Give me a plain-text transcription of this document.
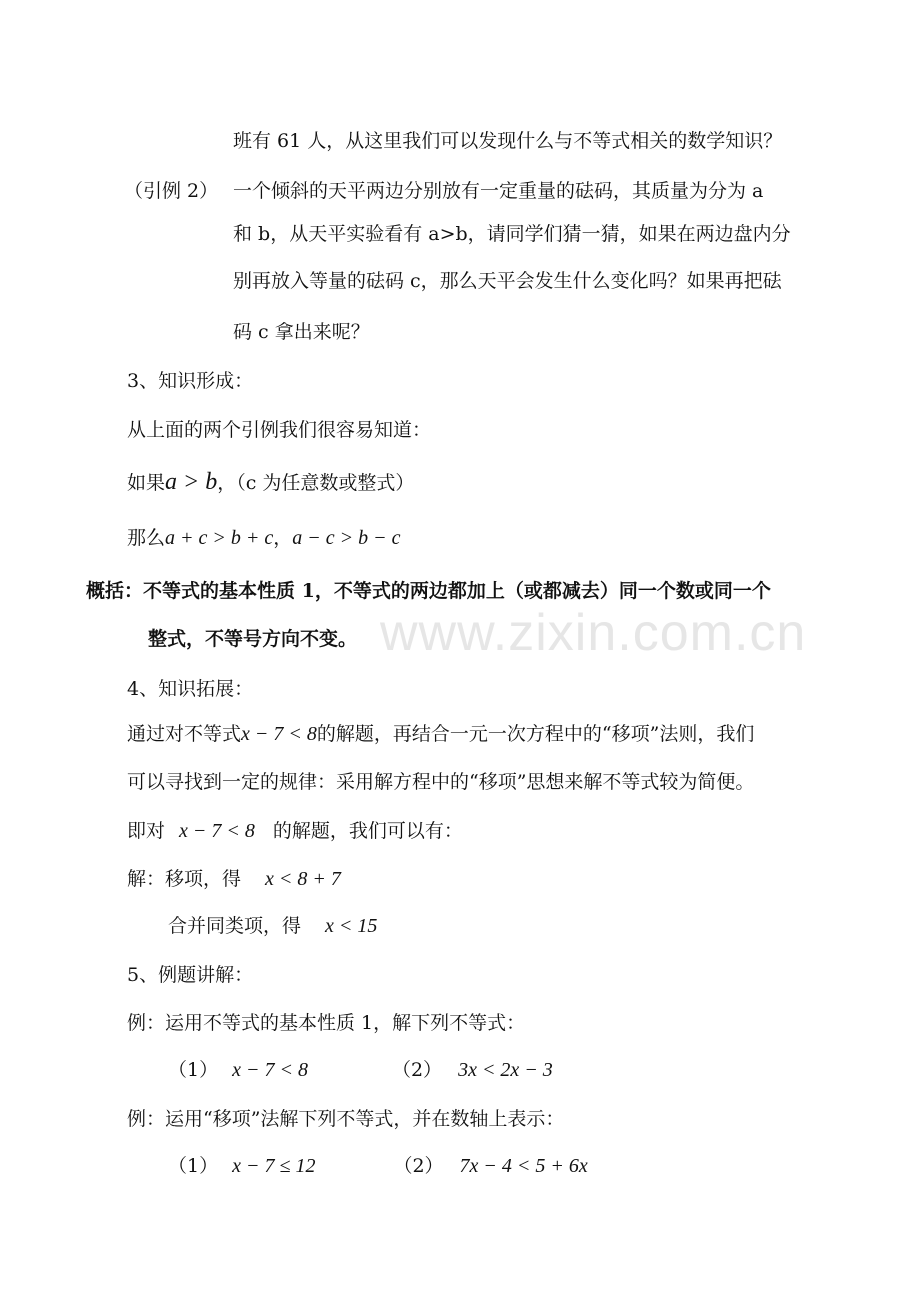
www.zixin.com.cn
班有 61 人，从这里我们可以发现什么与不等式相关的数学知识？
（引例 2） 一个倾斜的天平两边分别放有一定重量的砝码，其质量为分为 a
和 b，从天平实验看有 a>b，请同学们猜一猜，如果在两边盘内分
别再放入等量的砝码 c，那么天平会发生什么变化吗？如果再把砝
码 c 拿出来呢？
3、知识形成：
从上面的两个引例我们很容易知道：
如果a > b，（c 为任意数或整式）
那么a + c > b + c，a − c > b − c
概括：不等式的基本性质 1，不等式的两边都加上（或都减去）同一个数或同一个
整式，不等号方向不变。
4、知识拓展：
通过对不等式x − 7 < 8的解题，再结合一元一次方程中的“移项”法则，我们
可以寻找到一定的规律：采用解方程中的“移项”思想来解不等式较为简便。
即对 x − 7 < 8 的解题，我们可以有：
解：移项，得 x < 8 + 7
合并同类项，得 x < 15
5、例题讲解：
例：运用不等式的基本性质 1，解下列不等式：
（1） x − 7 < 8	（2） 3x < 2x − 3
例：运用“移项”法解下列不等式，并在数轴上表示：
（1） x − 7 ≤ 12	（2） 7x − 4 < 5 + 6x
